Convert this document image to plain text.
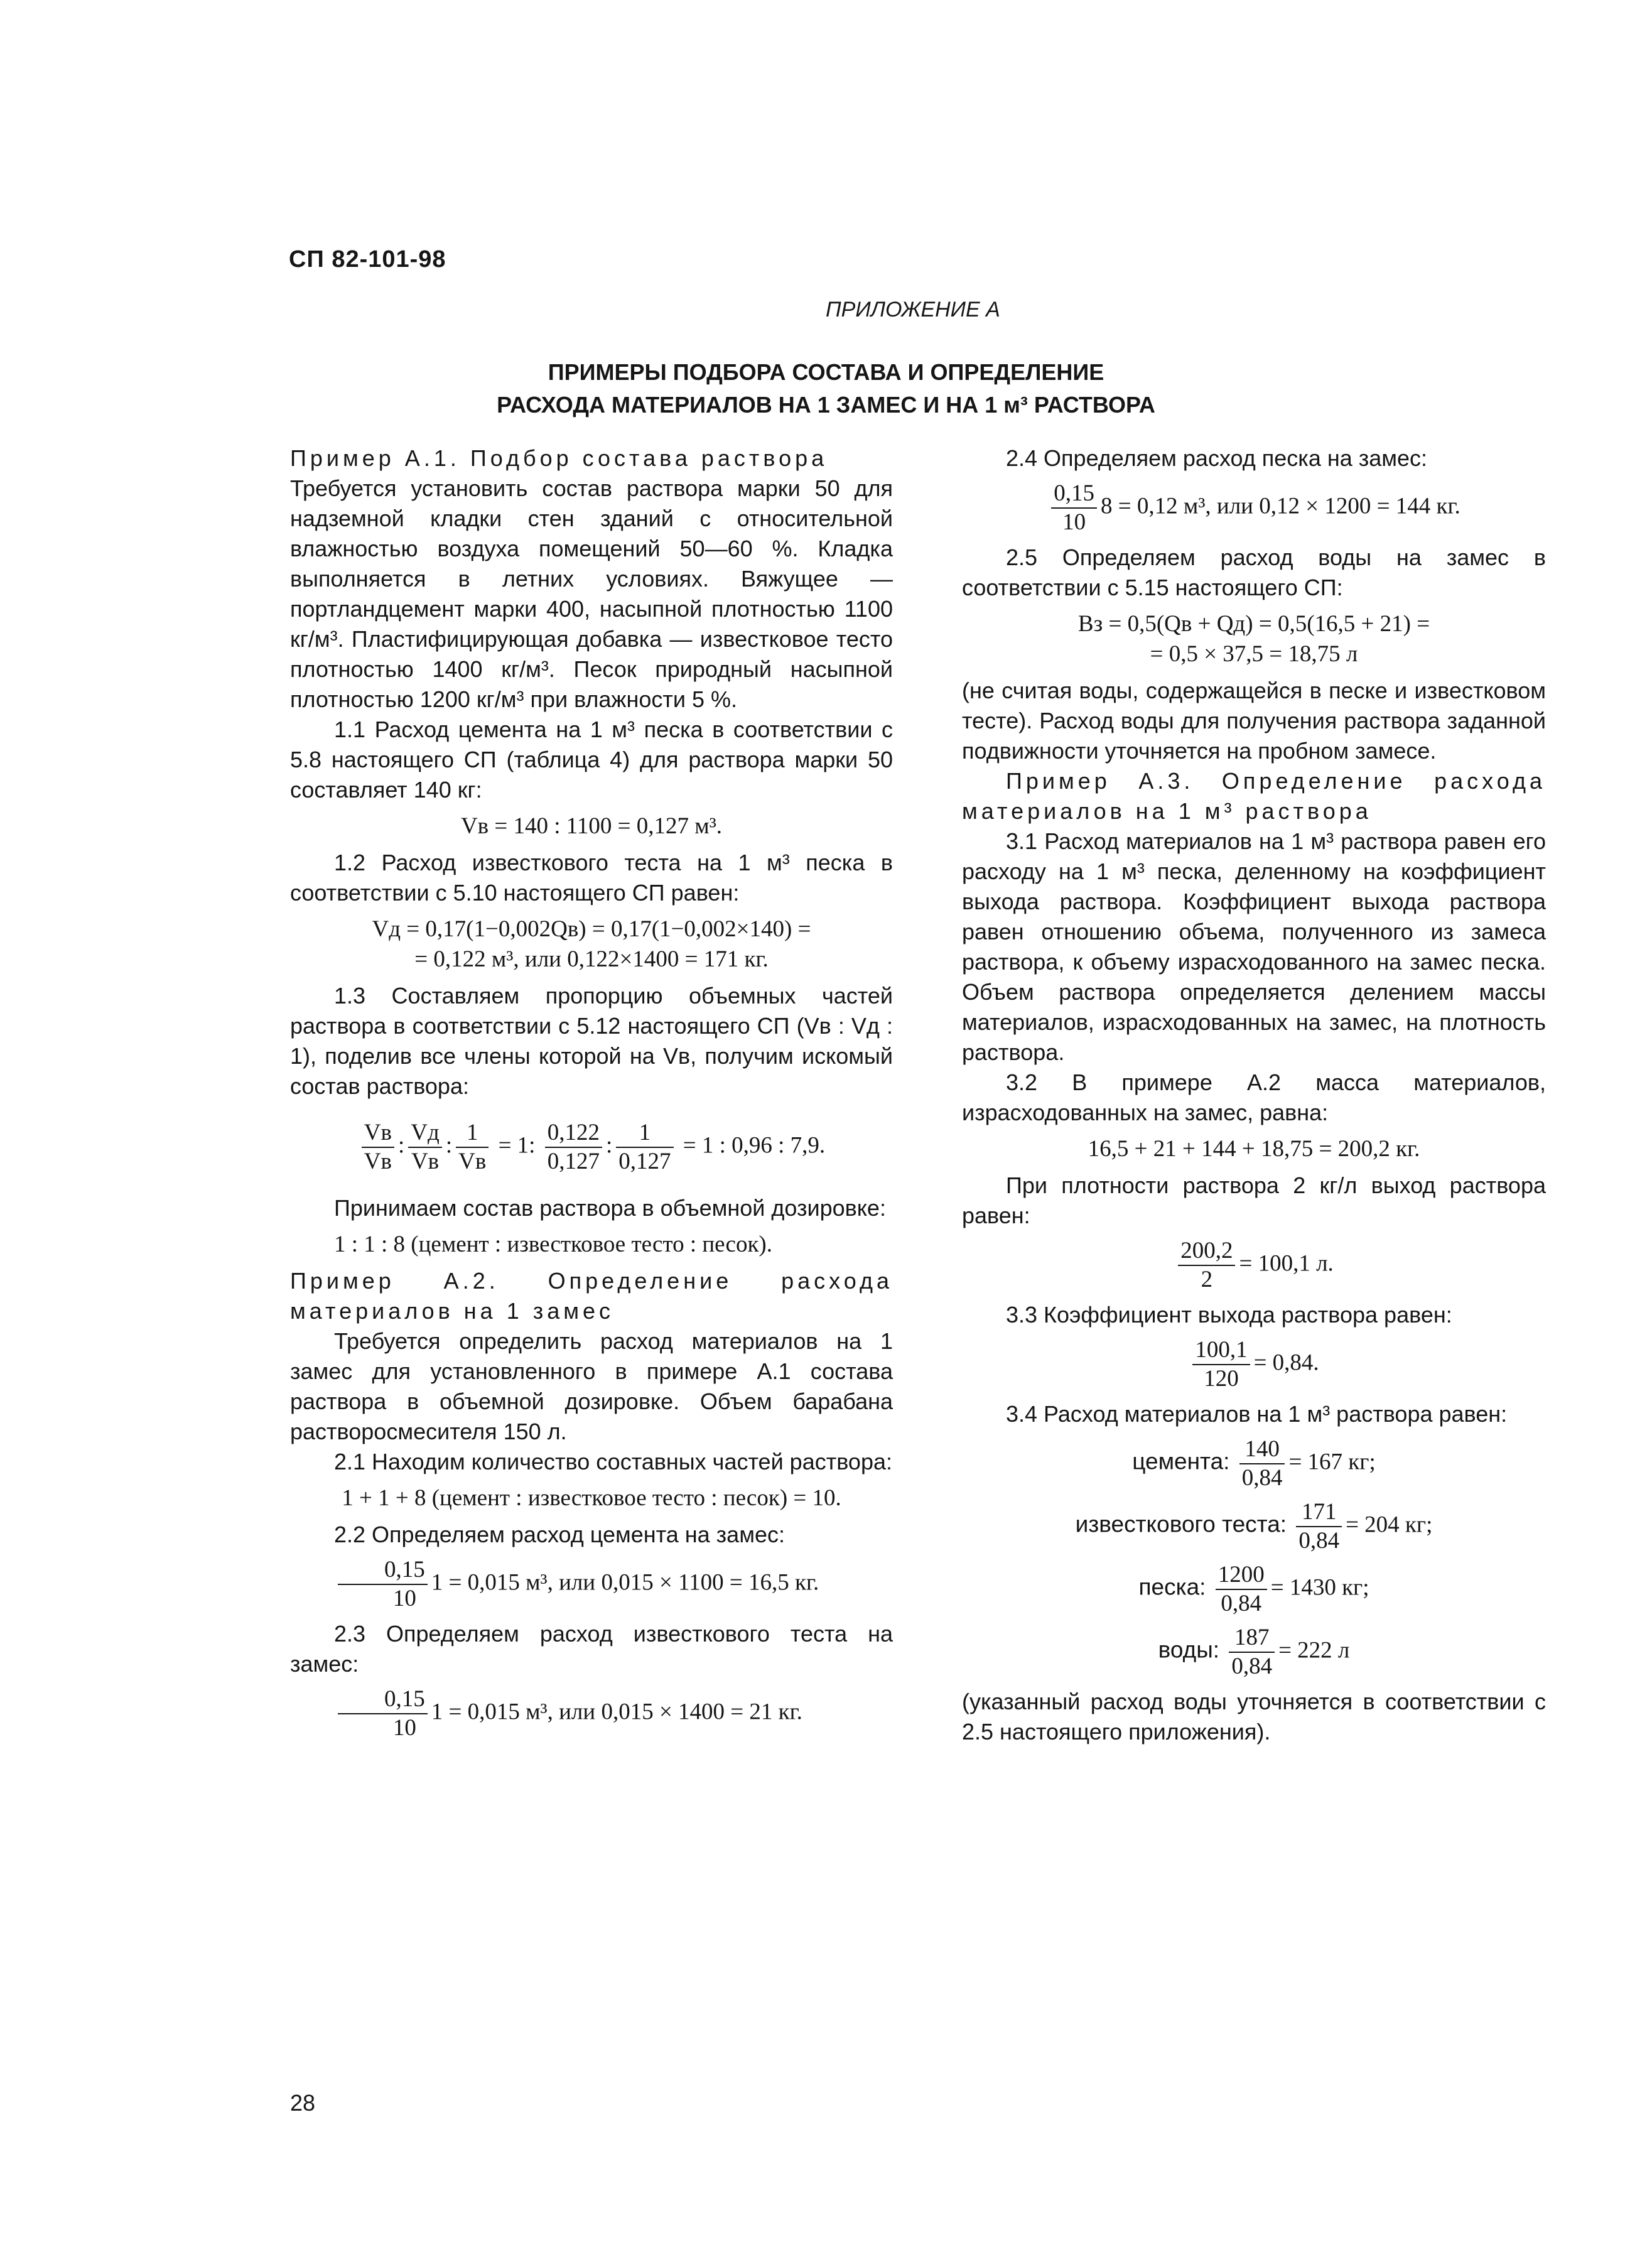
СП 82-101-98
ПРИЛОЖЕНИЕ А
ПРИМЕРЫ ПОДБОРА СОСТАВА И ОПРЕДЕЛЕНИЕ
РАСХОДА МАТЕРИАЛОВ НА 1 ЗАМЕС И НА 1 м³ РАСТВОРА

Пример А.1. Подбор состава раствора

Требуется установить состав раствора марки 50 для надземной кладки стен зданий с относительной влажностью воздуха помещений 50—60 %. Кладка выполняется в летних условиях. Вяжущее — портландцемент марки 400, насыпной плотностью 1100 кг/м³. Пластифицирующая добавка — известковое тесто плотностью 1400 кг/м³. Песок природный насыпной плотностью 1200 кг/м³ при влажности 5 %.

1.1 Расход цемента на 1 м³ песка в соответствии с 5.8 настоящего СП (таблица 4) для раствора марки 50 составляет 140 кг:

Vв = 140 : 1100 = 0,127 м³.

1.2 Расход известкового теста на 1 м³ песка в соответствии с 5.10 настоящего СП равен:

Vд = 0,17(1−0,002Qв) = 0,17(1−0,002×140) =
= 0,122 м³, или 0,122×1400 = 171 кг.

1.3 Составляем пропорцию объемных частей раствора в соответствии с 5.12 настоящего СП (Vв : Vд : 1), поделив все члены которой на Vв, получим искомый состав раствора:

$\frac{Vв}{Vв}$ : $\frac{Vд}{Vв}$ : $\frac{1}{Vв} = 1$: $\frac{0,122}{0,127}$ : $\frac{1}{0,127} = 1$ : 0,96 : 7,9.

Принимаем состав раствора в объемной дозировке:

1 : 1 : 8 (цемент : известковое тесто : песок).

Пример А.2. Определение расхода материалов на 1 замес

Требуется определить расход материалов на 1 замес для установленного в примере А.1 состава раствора в объемной дозировке. Объем барабана растворосмесителя 150 л.

2.1 Находим количество составных частей раствора:

1 + 1 + 8 (цемент : известковое тесто : песок) = 10.

2.2 Определяем расход цемента на замес:

$\frac{0,15}{10} 1 = 0,015$ м³, или 0,015 × 1100 = 16,5 кг.

2.3 Определяем расход известкового теста на замес:

$\frac{0,15}{10} 1 = 0,015$ м³, или 0,015 × 1400 = 21 кг.

2.4 Определяем расход песка на замес:

$\frac{0,15}{10} 8 = 0,12$ м³, или 0,12 × 1200 = 144 кг.

2.5 Определяем расход воды на замес в соответствии с 5.15 настоящего СП:

Вз = 0,5(Qв + Qд) = 0,5(16,5 + 21) =
= 0,5 × 37,5 = 18,75 л

(не считая воды, содержащейся в песке и известковом тесте). Расход воды для получения раствора заданной подвижности уточняется на пробном замесе.

Пример А.3. Определение расхода материалов на 1 м³ раствора

3.1 Расход материалов на 1 м³ раствора равен его расходу на 1 м³ песка, деленному на коэффициент выхода раствора. Коэффициент выхода раствора равен отношению объема, полученного из замеса раствора, к объему израсходованного на замес песка. Объем раствора определяется делением массы материалов, израсходованных на замес, на плотность раствора.

3.2 В примере А.2 масса материалов, израсходованных на замес, равна:

16,5 + 21 + 144 + 18,75 = 200,2 кг.

При плотности раствора 2 кг/л выход раствора равен:

$\frac{200,2}{2} = 100,1$ л.

3.3 Коэффициент выхода раствора равен:

$\frac{100,1}{120} = 0,84$.

3.4 Расход материалов на 1 м³ раствора равен:

цемента: $\frac{140}{0,84} = 167$ кг;
известкового теста: $\frac{171}{0,84} = 204$ кг;
песка: $\frac{1200}{0,84} = 1430$ кг;
воды: $\frac{187}{0,84} = 222$ л

(указанный расход воды уточняется в соответствии с 2.5 настоящего приложения).

28
